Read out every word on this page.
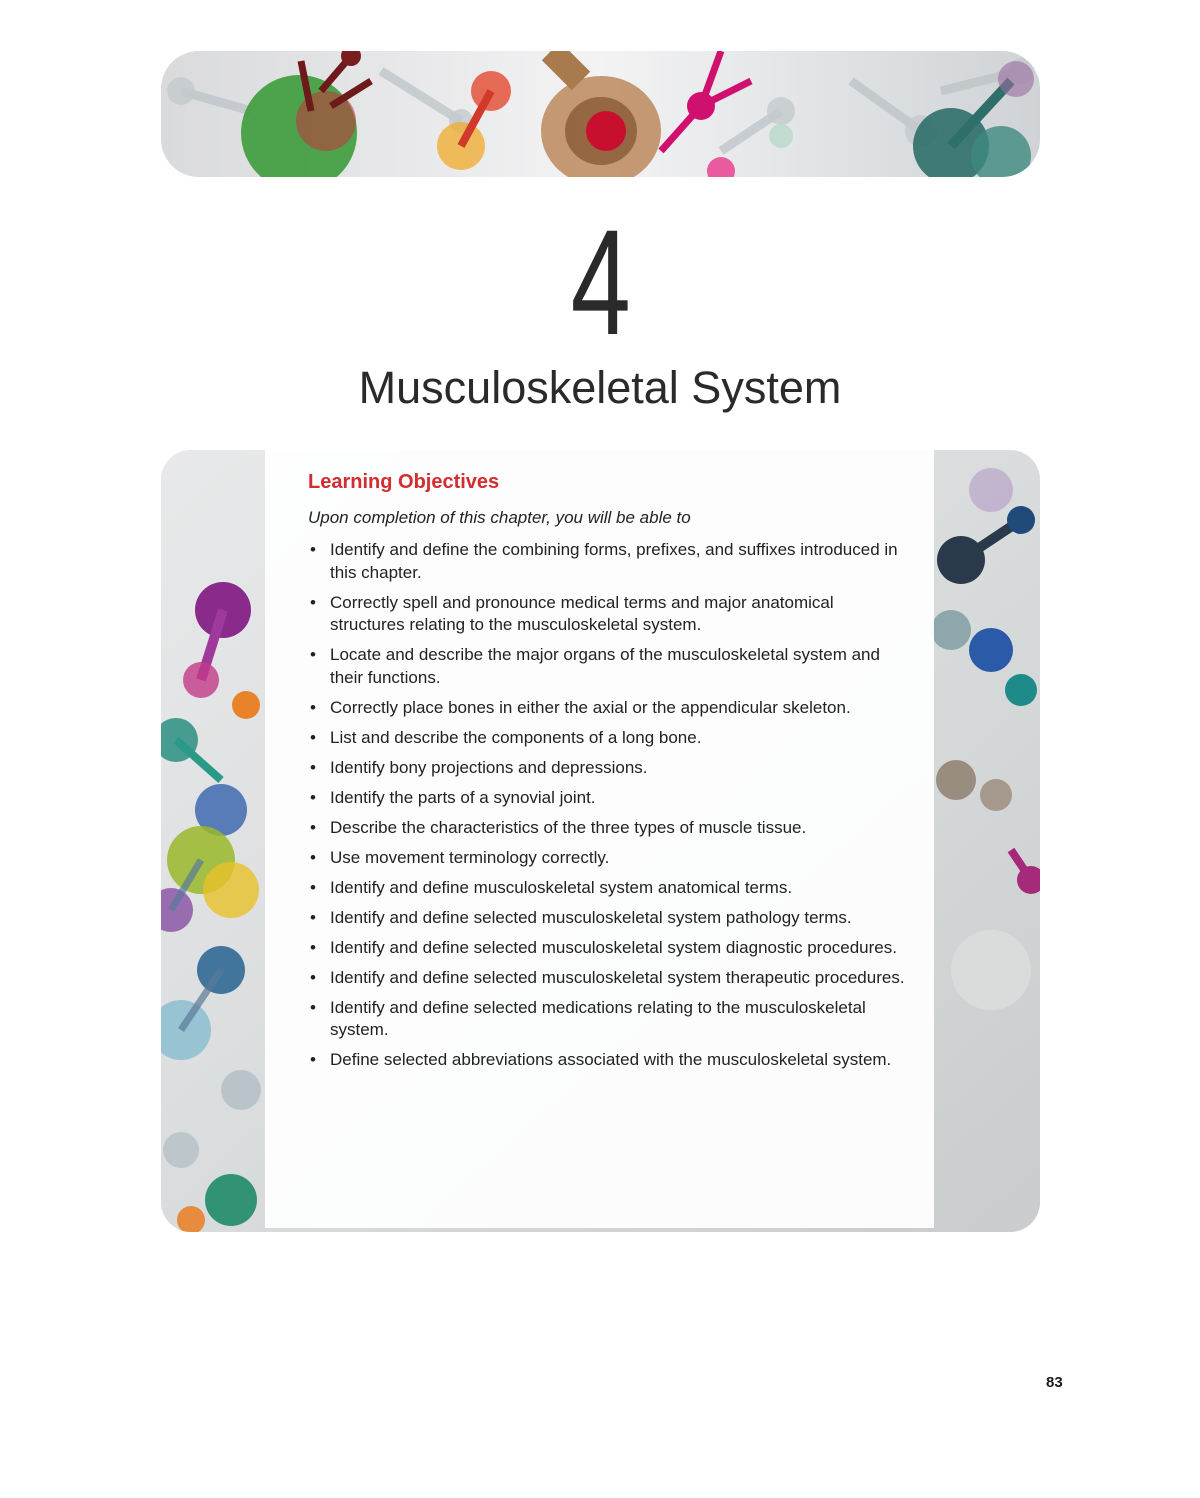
4
Musculoskeletal System
Learning Objectives
Upon completion of this chapter, you will be able to
• Identify and define the combining forms, prefixes, and suffixes introduced in this chapter.
• Correctly spell and pronounce medical terms and major anatomical structures relating to the musculoskeletal system.
• Locate and describe the major organs of the musculoskeletal system and their functions.
• Correctly place bones in either the axial or the appendicular skeleton.
• List and describe the components of a long bone.
• Identify bony projections and depressions.
• Identify the parts of a synovial joint.
• Describe the characteristics of the three types of muscle tissue.
• Use movement terminology correctly.
• Identify and define musculoskeletal system anatomical terms.
• Identify and define selected musculoskeletal system pathology terms.
• Identify and define selected musculoskeletal system diagnostic procedures.
• Identify and define selected musculoskeletal system therapeutic procedures.
• Identify and define selected medications relating to the musculoskeletal system.
• Define selected abbreviations associated with the musculoskeletal system.
83
